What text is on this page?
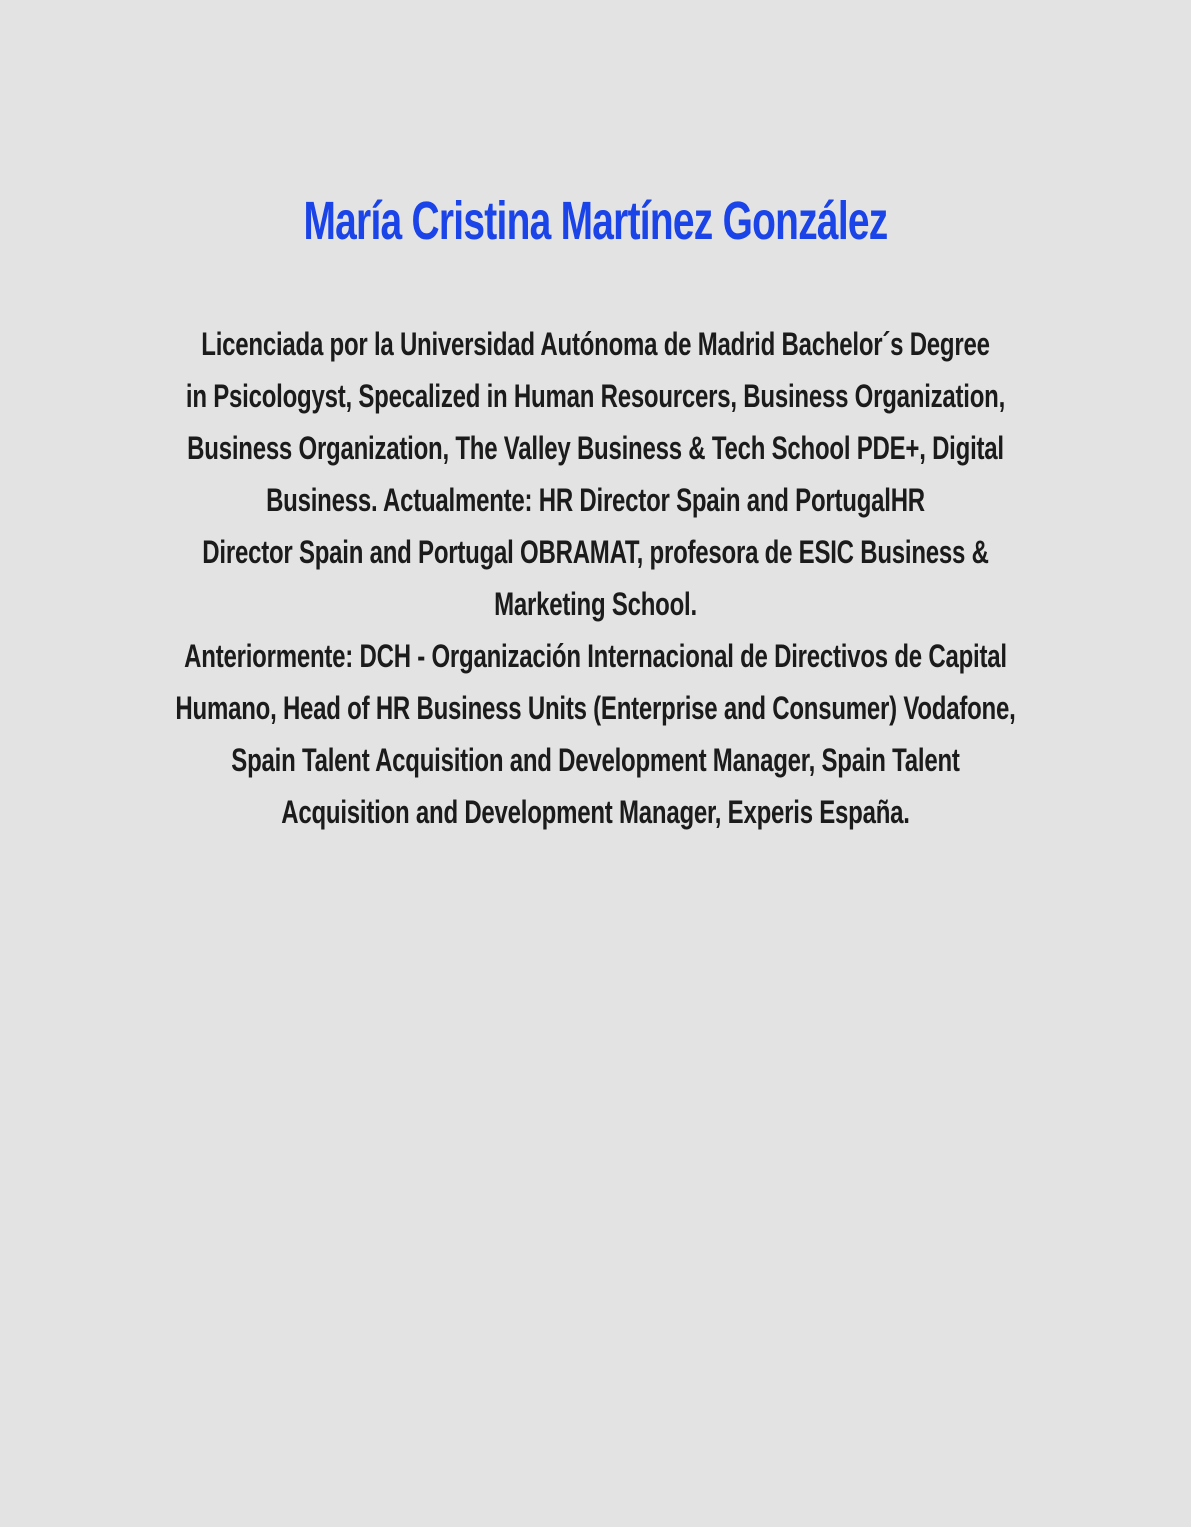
María Cristina Martínez González
Licenciada por la Universidad Autónoma de Madrid Bachelor´s Degree
in Psicologyst, Specalized in Human Resourcers, Business Organization,
Business Organization, The Valley Business & Tech School PDE+, Digital
Business. Actualmente: HR Director Spain and PortugalHR
Director Spain and Portugal OBRAMAT, profesora de ESIC Business &
Marketing School.
Anteriormente: DCH - Organización Internacional de Directivos de Capital
Humano, Head of HR Business Units (Enterprise and Consumer) Vodafone,
Spain Talent Acquisition and Development Manager, Spain Talent
Acquisition and Development Manager, Experis España.
